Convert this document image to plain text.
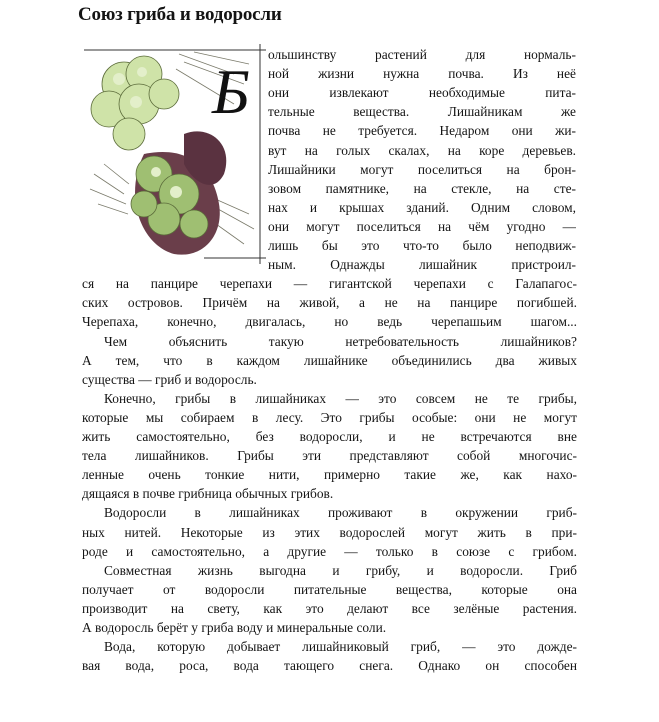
Союз гриба и водоросли
Б
ольшинству растений для нормаль-
ной жизни нужна почва. Из неё
они извлекают необходимые пита-
тельные вещества. Лишайникам же
почва не требуется. Недаром они жи-
вут на голых скалах, на коре деревьев.
Лишайники могут поселиться на брон-
зовом памятнике, на стекле, на сте-
нах и крышах зданий. Одним словом,
они могут поселиться на чём угодно —
лишь бы это что-то было неподвиж-
ным. Однажды лишайник пристроил-
ся на панцире черепахи — гигантской черепахи с Галапагос-
ских островов. Причём на живой, а не на панцире погибшей.
Черепаха, конечно, двигалась, но ведь черепашьим шагом...
Чем объяснить такую нетребовательность лишайников?
А тем, что в каждом лишайнике объединились два живых
существа — гриб и водоросль.
Конечно, грибы в лишайниках — это совсем не те грибы,
которые мы собираем в лесу. Это грибы особые: они не могут
жить самостоятельно, без водоросли, и не встречаются вне
тела лишайников. Грибы эти представляют собой многочис-
ленные очень тонкие нити, примерно такие же, как нахо-
дящаяся в почве грибница обычных грибов.
Водоросли в лишайниках проживают в окружении гриб-
ных нитей. Некоторые из этих водорослей могут жить в при-
роде и самостоятельно, а другие — только в союзе с грибом.
Совместная жизнь выгодна и грибу, и водоросли. Гриб
получает от водоросли питательные вещества, которые она
производит на свету, как это делают все зелёные растения.
А водоросль берёт у гриба воду и минеральные соли.
Вода, которую добывает лишайниковый гриб, — это дожде-
вая вода, роса, вода тающего снега. Однако он способен
